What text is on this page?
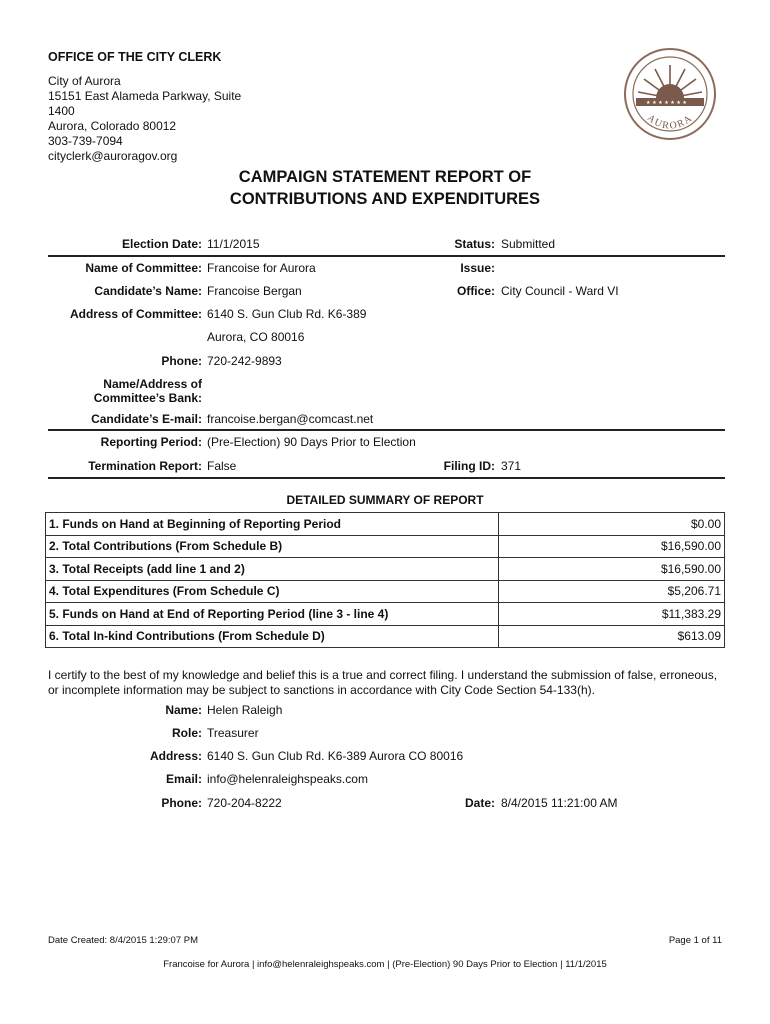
OFFICE OF THE CITY CLERK
City of Aurora
15151 East Alameda Parkway, Suite
1400
Aurora, Colorado 80012
303-739-7094
cityclerk@auroragov.org
★ ★ ★ ★ ★ ★ ★
AURORA
CAMPAIGN STATEMENT REPORT OF
CONTRIBUTIONS AND EXPENDITURES
Election Date: 11/1/2015	Status: Submitted
Name of Committee: Francoise for Aurora	Issue:
Candidate’s Name: Francoise Bergan	Office: City Council - Ward VI
Address of Committee: 6140 S. Gun Club Rd. K6-389
Aurora, CO 80016
Phone: 720-242-9893
Name/Address of
Committee’s Bank:
Candidate’s E-mail: francoise.bergan@comcast.net
Reporting Period: (Pre-Election) 90 Days Prior to Election
Termination Report: False	Filing ID: 371
DETAILED SUMMARY OF REPORT
1. Funds on Hand at Beginning of Reporting Period	$0.00
2. Total Contributions (From Schedule B)	$16,590.00
3. Total Receipts (add line 1 and 2)	$16,590.00
4. Total Expenditures (From Schedule C)	$5,206.71
5. Funds on Hand at End of Reporting Period (line 3 - line 4)	$11,383.29
6. Total In-kind Contributions (From Schedule D)	$613.09
I certify to the best of my knowledge and belief this is a true and correct filing. I understand the submission of false, erroneous, or incomplete information may be subject to sanctions in accordance with City Code Section 54-133(h).
Name: Helen Raleigh
Role: Treasurer
Address: 6140 S. Gun Club Rd. K6-389 Aurora CO 80016
Email: info@helenraleighspeaks.com
Phone: 720-204-8222	Date: 8/4/2015 11:21:00 AM
Date Created: 8/4/2015 1:29:07 PM	Page 1 of 11
Francoise for Aurora | info@helenraleighspeaks.com | (Pre-Election) 90 Days Prior to Election | 11/1/2015
